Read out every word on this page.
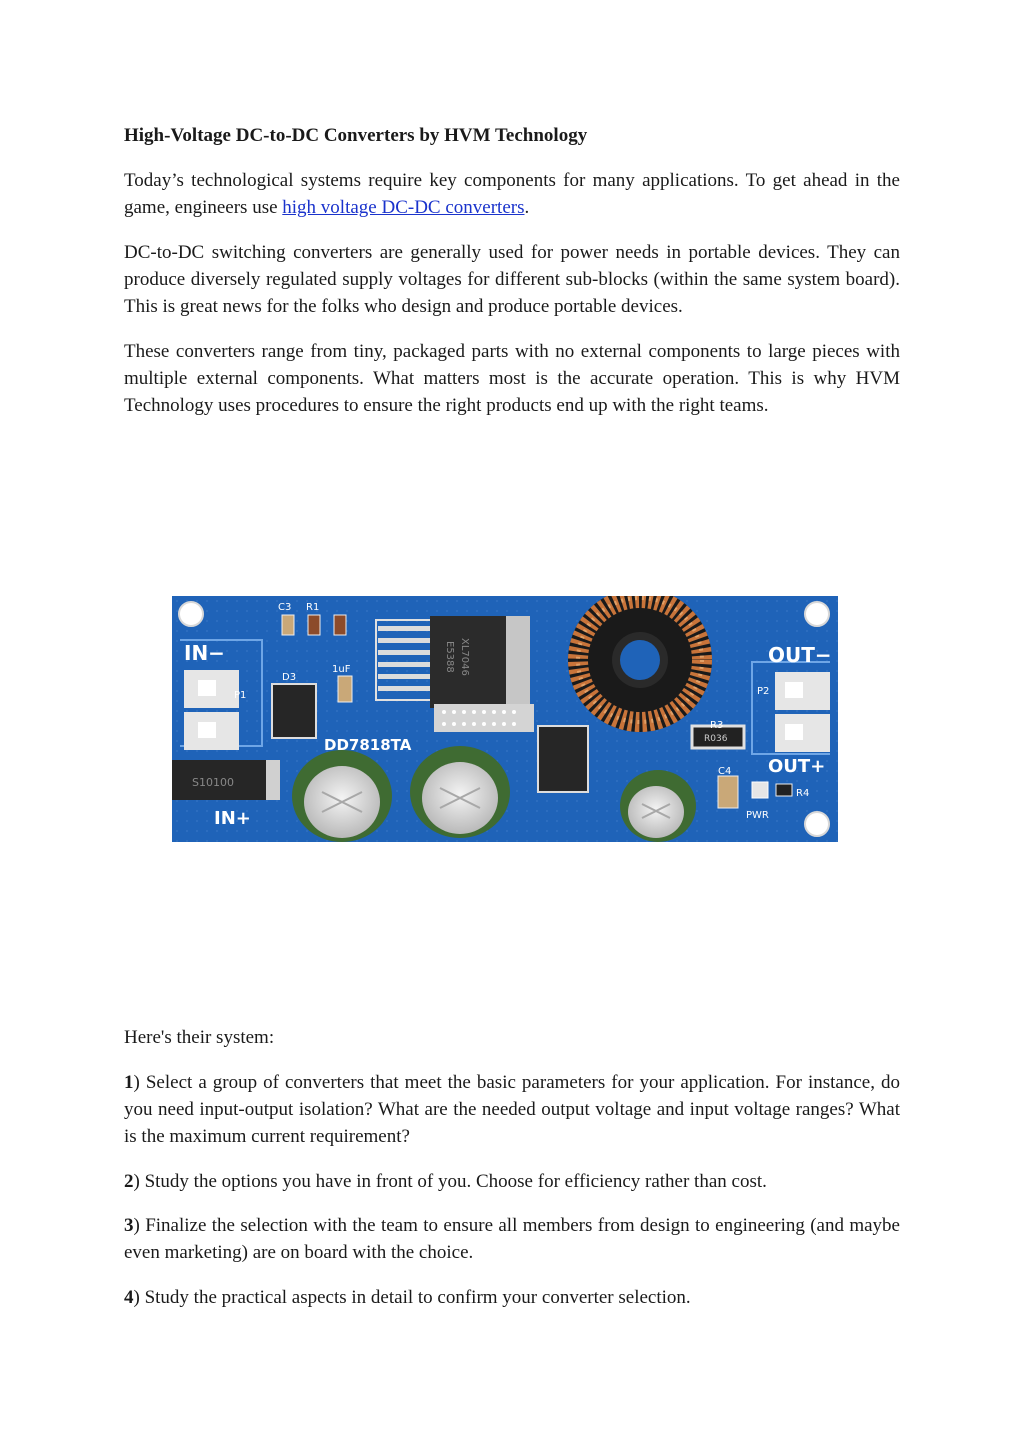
High-Voltage DC-to-DC Converters by HVM Technology

Today’s technological systems require key components for many applications. To get ahead in the game, engineers use high voltage DC-DC converters.

DC-to-DC switching converters are generally used for power needs in portable devices. They can produce diversely regulated supply voltages for different sub-blocks (within the same system board). This is great news for the folks who design and produce portable devices.

These converters range from tiny, packaged parts with no external components to large pieces with multiple external components. What matters most is the accurate operation. This is why HVM Technology uses procedures to ensure the right products end up with the right teams.

S10100
XL7046
E5388
R036
IN−
IN+
OUT−
OUT+
DD7818TA
P1	P2
C3 R1
D3
1uF
R3
C4
R4
PWR

Here's their system:

1) Select a group of converters that meet the basic parameters for your application. For instance, do you need input-output isolation? What are the needed output voltage and input voltage ranges? What is the maximum current requirement?

2) Study the options you have in front of you. Choose for efficiency rather than cost.

3) Finalize the selection with the team to ensure all members from design to engineering (and maybe even marketing) are on board with the choice.

4) Study the practical aspects in detail to confirm your converter selection.
